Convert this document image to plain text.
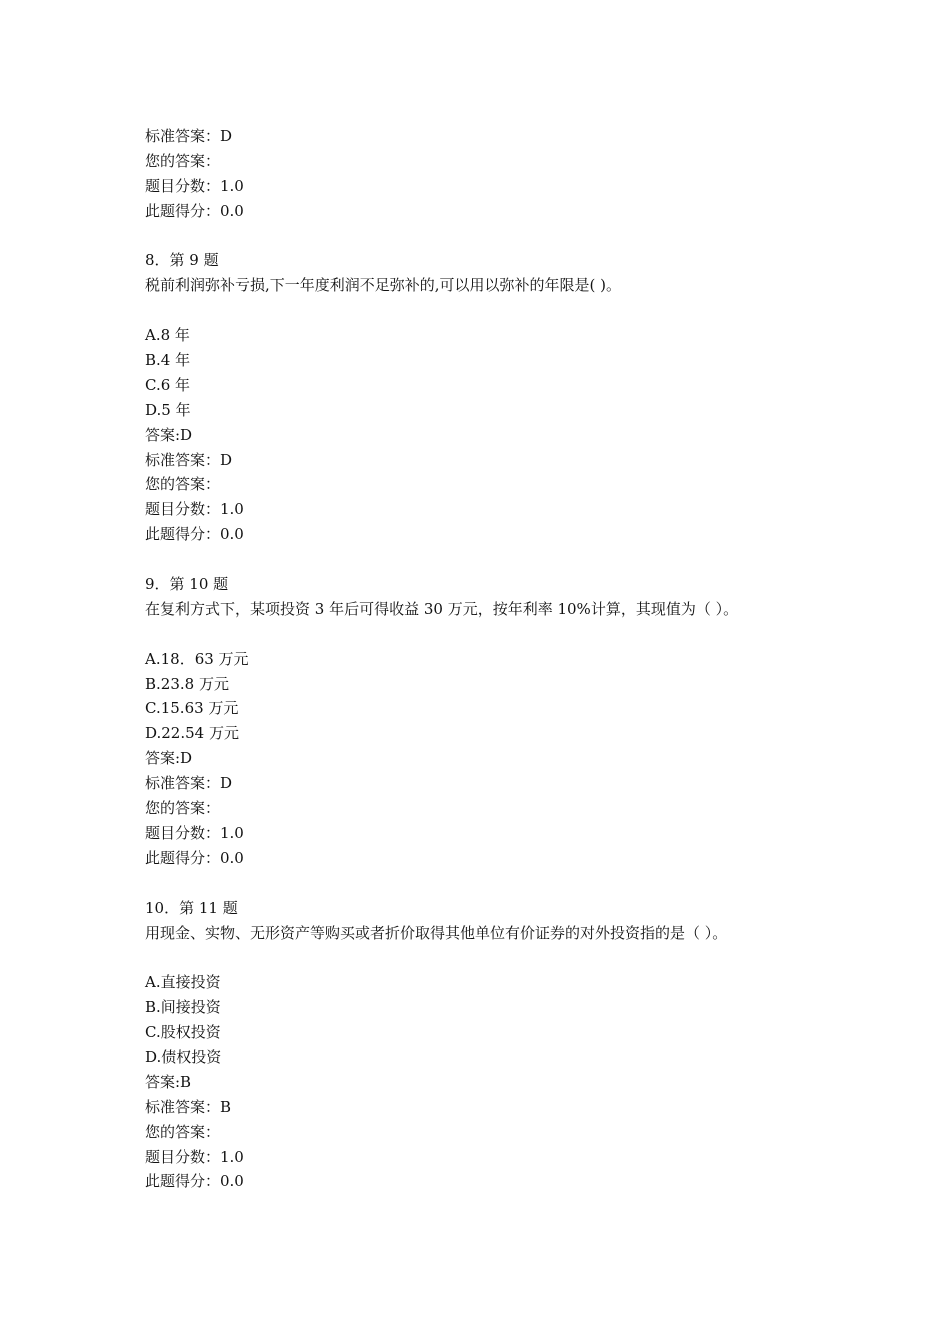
标准答案：D
您的答案：
题目分数：1.0
此题得分：0.0
8．第 9 题
税前利润弥补亏损,下一年度利润不足弥补的,可以用以弥补的年限是( )。
A.8 年
B.4 年
C.6 年
D.5 年
答案:D
标准答案：D
您的答案：
题目分数：1.0
此题得分：0.0
9．第 10 题
在复利方式下，某项投资 3 年后可得收益 30 万元，按年利率 10%计算，其现值为（ ）。
A.18．63 万元
B.23.8 万元
C.15.63 万元
D.22.54 万元
答案:D
标准答案：D
您的答案：
题目分数：1.0
此题得分：0.0
10．第 11 题
用现金、实物、无形资产等购买或者折价取得其他单位有价证券的对外投资指的是（ ）。
A.直接投资
B.间接投资
C.股权投资
D.债权投资
答案:B
标准答案：B
您的答案：
题目分数：1.0
此题得分：0.0
